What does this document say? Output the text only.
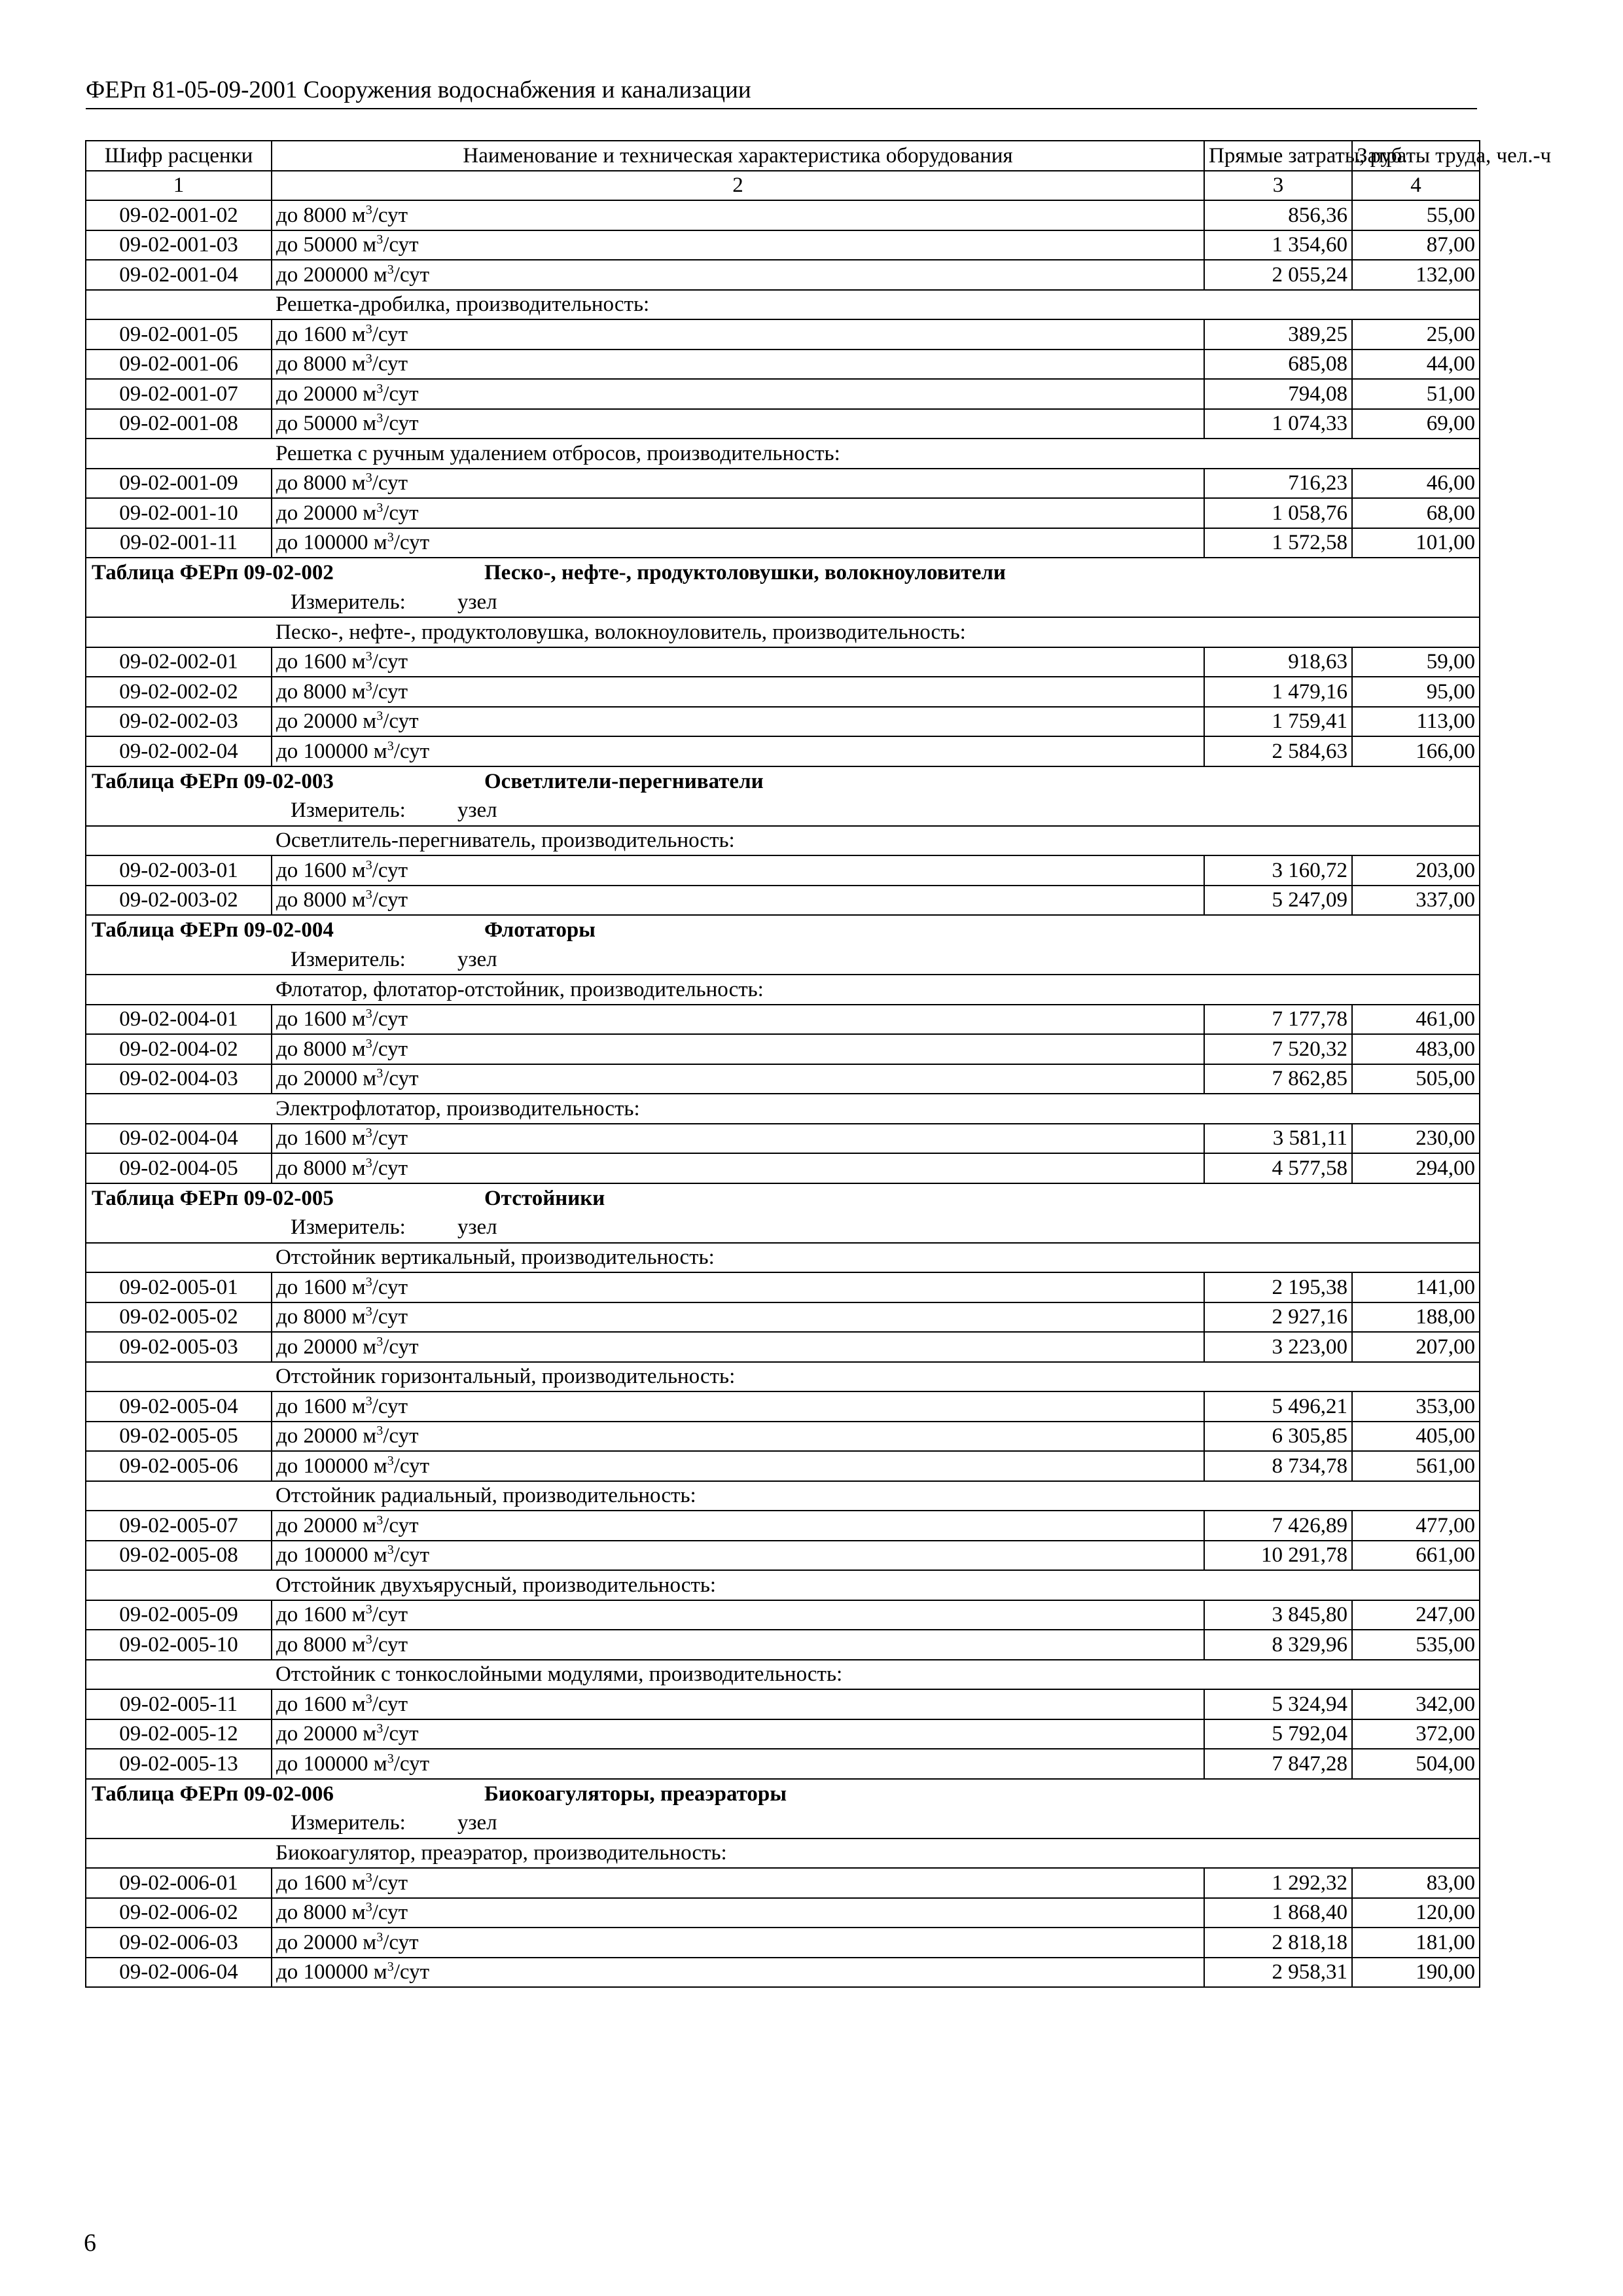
ФЕРп 81-05-09-2001 Сооружения водоснабжения и канализации
Шифр расценки	Наименование и техническая характеристика оборудования	Прямые затраты, руб.	Затраты труда, чел.-ч
1	2	3	4
09-02-001-02	до 8000 $м^3$/сут	856,36	55,00
09-02-001-03	до 50000 $м^3$/сут	1 354,60	87,00
09-02-001-04	до 200000 $м^3$/сут	2 055,24	132,00
	Решетка-дробилка, производительность:		
09-02-001-05	до 1600 $м^3$/сут	389,25	25,00
09-02-001-06	до 8000 $м^3$/сут	685,08	44,00
09-02-001-07	до 20000 $м^3$/сут	794,08	51,00
09-02-001-08	до 50000 $м^3$/сут	1 074,33	69,00
	Решетка с ручным удалением отбросов, производительность:		
09-02-001-09	до 8000 $м^3$/сут	716,23	46,00
09-02-001-10	до 20000 $м^3$/сут	1 058,76	68,00
09-02-001-11	до 100000 $м^3$/сут	1 572,58	101,00
Таблица ФЕРп 09-02-002 Песко-, нефте-, продуктоловушки, волокноуловители			
Измеритель: узел			
	Песко-, нефте-, продуктоловушка, волокноуловитель, производительность:		
09-02-002-01	до 1600 $м^3$/сут	918,63	59,00
09-02-002-02	до 8000 $м^3$/сут	1 479,16	95,00
09-02-002-03	до 20000 $м^3$/сут	1 759,41	113,00
09-02-002-04	до 100000 $м^3$/сут	2 584,63	166,00
Таблица ФЕРп 09-02-003 Осветлители-перегниватели			
Измеритель: узел			
	Осветлитель-перегниватель, производительность:		
09-02-003-01	до 1600 $м^3$/сут	3 160,72	203,00
09-02-003-02	до 8000 $м^3$/сут	5 247,09	337,00
Таблица ФЕРп 09-02-004 Флотаторы			
Измеритель: узел			
	Флотатор, флотатор-отстойник, производительность:		
09-02-004-01	до 1600 $м^3$/сут	7 177,78	461,00
09-02-004-02	до 8000 $м^3$/сут	7 520,32	483,00
09-02-004-03	до 20000 $м^3$/сут	7 862,85	505,00
	Электрофлотатор, производительность:		
09-02-004-04	до 1600 $м^3$/сут	3 581,11	230,00
09-02-004-05	до 8000 $м^3$/сут	4 577,58	294,00
Таблица ФЕРп 09-02-005 Отстойники			
Измеритель: узел			
	Отстойник вертикальный, производительность:		
09-02-005-01	до 1600 $м^3$/сут	2 195,38	141,00
09-02-005-02	до 8000 $м^3$/сут	2 927,16	188,00
09-02-005-03	до 20000 $м^3$/сут	3 223,00	207,00
	Отстойник горизонтальный, производительность:		
09-02-005-04	до 1600 $м^3$/сут	5 496,21	353,00
09-02-005-05	до 20000 $м^3$/сут	6 305,85	405,00
09-02-005-06	до 100000 $м^3$/сут	8 734,78	561,00
	Отстойник радиальный, производительность:		
09-02-005-07	до 20000 $м^3$/сут	7 426,89	477,00
09-02-005-08	до 100000 $м^3$/сут	10 291,78	661,00
	Отстойник двухъярусный, производительность:		
09-02-005-09	до 1600 $м^3$/сут	3 845,80	247,00
09-02-005-10	до 8000 $м^3$/сут	8 329,96	535,00
	Отстойник с тонкослойными модулями, производительность:		
09-02-005-11	до 1600 $м^3$/сут	5 324,94	342,00
09-02-005-12	до 20000 $м^3$/сут	5 792,04	372,00
09-02-005-13	до 100000 $м^3$/сут	7 847,28	504,00
Таблица ФЕРп 09-02-006 Биокоагуляторы, преаэраторы			
Измеритель: узел			
	Биокоагулятор, преаэратор, производительность:		
09-02-006-01	до 1600 $м^3$/сут	1 292,32	83,00
09-02-006-02	до 8000 $м^3$/сут	1 868,40	120,00
09-02-006-03	до 20000 $м^3$/сут	2 818,18	181,00
09-02-006-04	до 100000 $м^3$/сут	2 958,31	190,00
6
